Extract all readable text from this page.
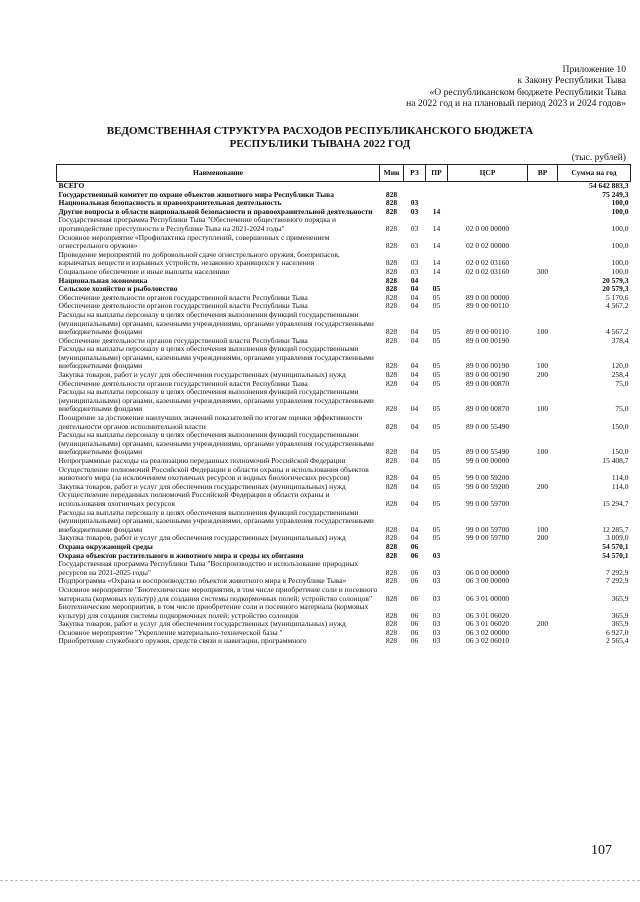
Приложение 10
к Закону Республики Тыва
«О республиканском бюджете Республики Тыва
на 2022 год и на плановый период 2023 и 2024 годов»
ВЕДОМСТВЕННАЯ СТРУКТУРА РАСХОДОВ РЕСПУБЛИКАНСКОГО БЮДЖЕТА
РЕСПУБЛИКИ ТЫВАНА 2022 ГОД
(тыс. рублей)
Наименование	Мин	РЗ	ПР	ЦСР	ВР	Сумма на год
ВСЕГО						54 642 883,3
Государственный комитет по охране объектов животного мира Республики Тыва	828					75 249,3
Национальная безопасность и правоохранительная деятельность	828	03				100,0
Другие вопросы в области национальной безопасности и правоохранительной деятельности	828	03	14			100,0
Государственная программа Республики Тыва "Обеспечение общественного порядка и противодействие преступности в Республике Тыва на 2021-2024 годы"	828	03	14	02 0 00 00000		100,0
Основное мероприятие «Профилактика преступлений, совершенных с применением огнестрельного оружия»	828	03	14	02 0 02 00000		100,0
Проведение мероприятий по добровольной сдаче огнестрельного оружия, боеприпасов, взрывчатых веществ и взрывных устройств, незаконно хранящихся у населения	828	03	14	02 0 02 03160		100,0
Социальное обеспечение и иные выплаты населению	828	03	14	02 0 02 03160	300	100,0
Национальная экономика	828	04				20 579,3
Сельское хозяйство и рыболовство	828	04	05			20 579,3
Обеспечение деятельности органов государственной власти Республики Тыва	828	04	05	89 0 00 00000		5 170,6
Обеспечение деятельности органов государственной власти Республики Тыва	828	04	05	89 0 00 00110		4 567,2
Расходы на выплаты персоналу в целях обеспечения выполнения функций государственными (муниципальными) органами, казенными учреждениями, органами управления государственными внебюджетными фондами	828	04	05	89 0 00 00110	100	4 567,2
Обеспечение деятельности органов государственной власти Республики Тыва	828	04	05	89 0 00 00190		378,4
Расходы на выплаты персоналу в целях обеспечения выполнения функций государственными (муниципальными) органами, казенными учреждениями, органами управления государственными внебюджетными фондами	828	04	05	89 0 00 00190	100	120,0
Закупка товаров, работ и услуг для обеспечения государственных (муниципальных) нужд	828	04	05	89 0 00 00190	200	258,4
Обеспечение деятельности органов государственной власти Республики Тыва	828	04	05	89 0 00 00870		75,0
Расходы на выплаты персоналу в целях обеспечения выполнения функций государственными (муниципальными) органами, казенными учреждениями, органами управления государственными внебюджетными фондами	828	04	05	89 0 00 00870	100	75,0
Поощрение за достижение наилучших значений показателей по итогам оценки эффективности деятельности органов исполнительной власти	828	04	05	89 0 00 55490		150,0
Расходы на выплаты персоналу в целях обеспечения выполнения функций государственными (муниципальными) органами, казенными учреждениями, органами управления государственными внебюджетными фондами	828	04	05	89 0 00 55490	100	150,0
Непрограммные расходы на реализацию переданных полномочий Российской Федерации	828	04	05	99 0 00 00000		15 408,7
Осуществление полномочий Российской Федерации в области охраны и использования объектов животного мира (за исключением охотничьих ресурсов и водных биологических ресурсов)	828	04	05	99 0 00 59200		114,0
Закупка товаров, работ и услуг для обеспечения государственных (муниципальных) нужд	828	04	05	99 0 00 59200	200	114,0
Осуществление переданных полномочий Российской Федерации в области охраны и использования охотничьих ресурсов	828	04	05	99 0 00 59700		15 294,7
Расходы на выплаты персоналу в целях обеспечения выполнения функций государственными (муниципальными) органами, казенными учреждениями, органами управления государственными внебюджетными фондами	828	04	05	99 0 00 59700	100	12 285,7
Закупка товаров, работ и услуг для обеспечения государственных (муниципальных) нужд	828	04	05	99 0 00 59700	200	3 009,0
Охрана окружающей среды	828	06				54 570,1
Охрана объектов растительного и животного мира и среды их обитания	828	06	03			54 570,1
Государственная программа Республики Тыва "Воспроизводство и использование природных ресурсов на 2021-2025 годы"	828	06	03	06 0 00 00000		7 292,9
Подпрограмма «Охрана и воспроизводство объектов животного мира в Республике Тыва»	828	06	03	06 3 00 00000		7 292,9
Основное мероприятие "Биотехнические мероприятия, в том числе приобретение соли и посевного материала (кормовых культур) для создания системы подкормочных полей; устройство солонцов"	828	06	03	06 3 01 00000		365,9
Биотехнические мероприятия, в том числе приобретение соли и посевного материала (кормовых культур) для создания системы подкормочных полей; устройство солонцов	828	06	03	06 3 01 06020		365,9
Закупка товаров, работ и услуг для обеспечения государственных (муниципальных) нужд	828	06	03	06 3 01 06020	200	365,9
Основное мероприятие "Укрепление материально-технической базы "	828	06	03	06 3 02 00000		6 927,0
Приобретение служебного оружия, средств связи и навигации, программного	828	06	03	06 3 02 06010		2 565,4
107
